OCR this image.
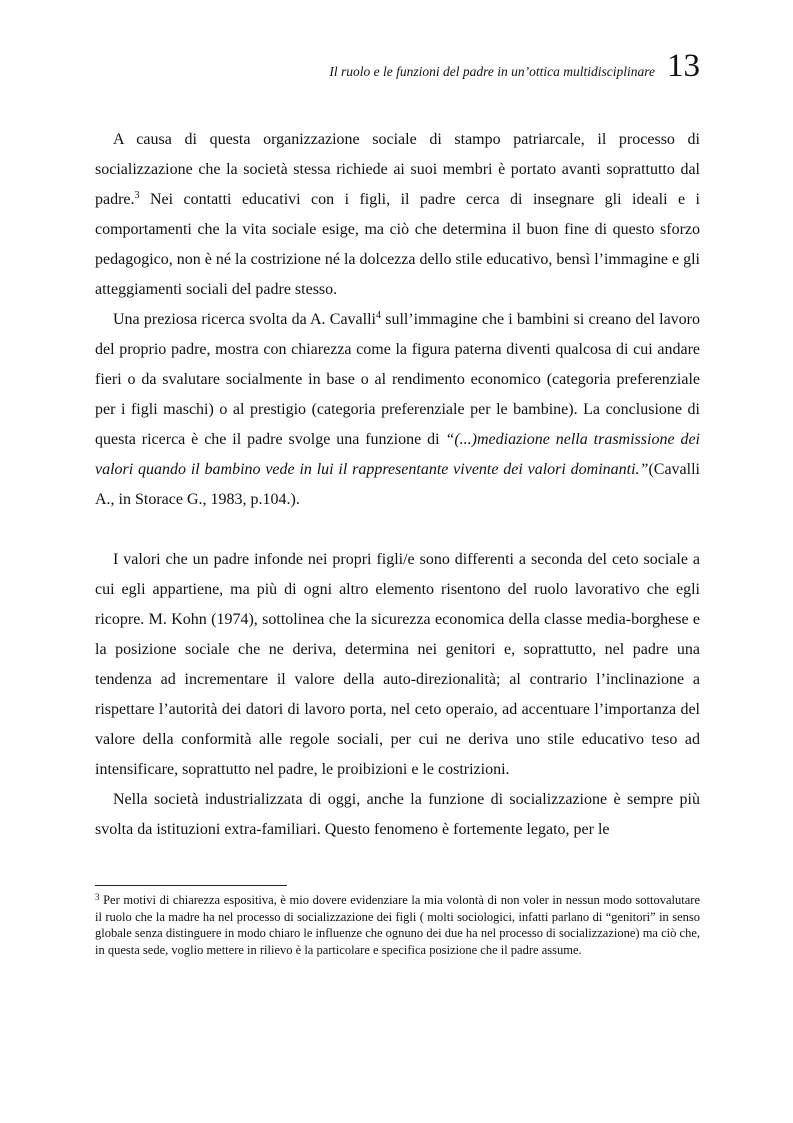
Il ruolo e le funzioni del padre in un’ottica multidisciplinare 13

A causa di questa organizzazione sociale di stampo patriarcale, il processo di socializzazione che la società stessa richiede ai suoi membri è portato avanti soprattutto dal padre.$^3$ Nei contatti educativi con i figli, il padre cerca di insegnare gli ideali e i comportamenti che la vita sociale esige, ma ciò che determina il buon fine di questo sforzo pedagogico, non è né la costrizione né la dolcezza dello stile educativo, bensì l’immagine e gli atteggiamenti sociali del padre stesso.

Una preziosa ricerca svolta da A. Cavalli$^4$ sull’immagine che i bambini si creano del lavoro del proprio padre, mostra con chiarezza come la figura paterna diventi qualcosa di cui andare fieri o da svalutare socialmente in base o al rendimento economico (categoria preferenziale per i figli maschi) o al prestigio (categoria preferenziale per le bambine). La conclusione di questa ricerca è che il padre svolge una funzione di “(...)mediazione nella trasmissione dei valori quando il bambino vede in lui il rappresentante vivente dei valori dominanti.”(Cavalli A., in Storace G., 1983, p.104.).

I valori che un padre infonde nei propri figli/e sono differenti a seconda del ceto sociale a cui egli appartiene, ma più di ogni altro elemento risentono del ruolo lavorativo che egli ricopre. M. Kohn (1974), sottolinea che la sicurezza economica della classe media-borghese e la posizione sociale che ne deriva, determina nei genitori e, soprattutto, nel padre una tendenza ad incrementare il valore della auto-direzionalità; al contrario l’inclinazione a rispettare l’autorità dei datori di lavoro porta, nel ceto operaio, ad accentuare l’importanza del valore della conformità alle regole sociali, per cui ne deriva uno stile educativo teso ad intensificare, soprattutto nel padre, le proibizioni e le costrizioni.

Nella società industrializzata di oggi, anche la funzione di socializzazione è sempre più svolta da istituzioni extra-familiari. Questo fenomeno è fortemente legato, per le

$^3$ Per motivi di chiarezza espositiva, è mio dovere evidenziare la mia volontà di non voler in nessun modo sottovalutare il ruolo che la madre ha nel processo di socializzazione dei figli ( molti sociologici, infatti parlano di “genitori” in senso globale senza distinguere in modo chiaro le influenze che ognuno dei due ha nel processo di socializzazione) ma ciò che, in questa sede, voglio mettere in rilievo è la particolare e specifica posizione che il padre assume.
